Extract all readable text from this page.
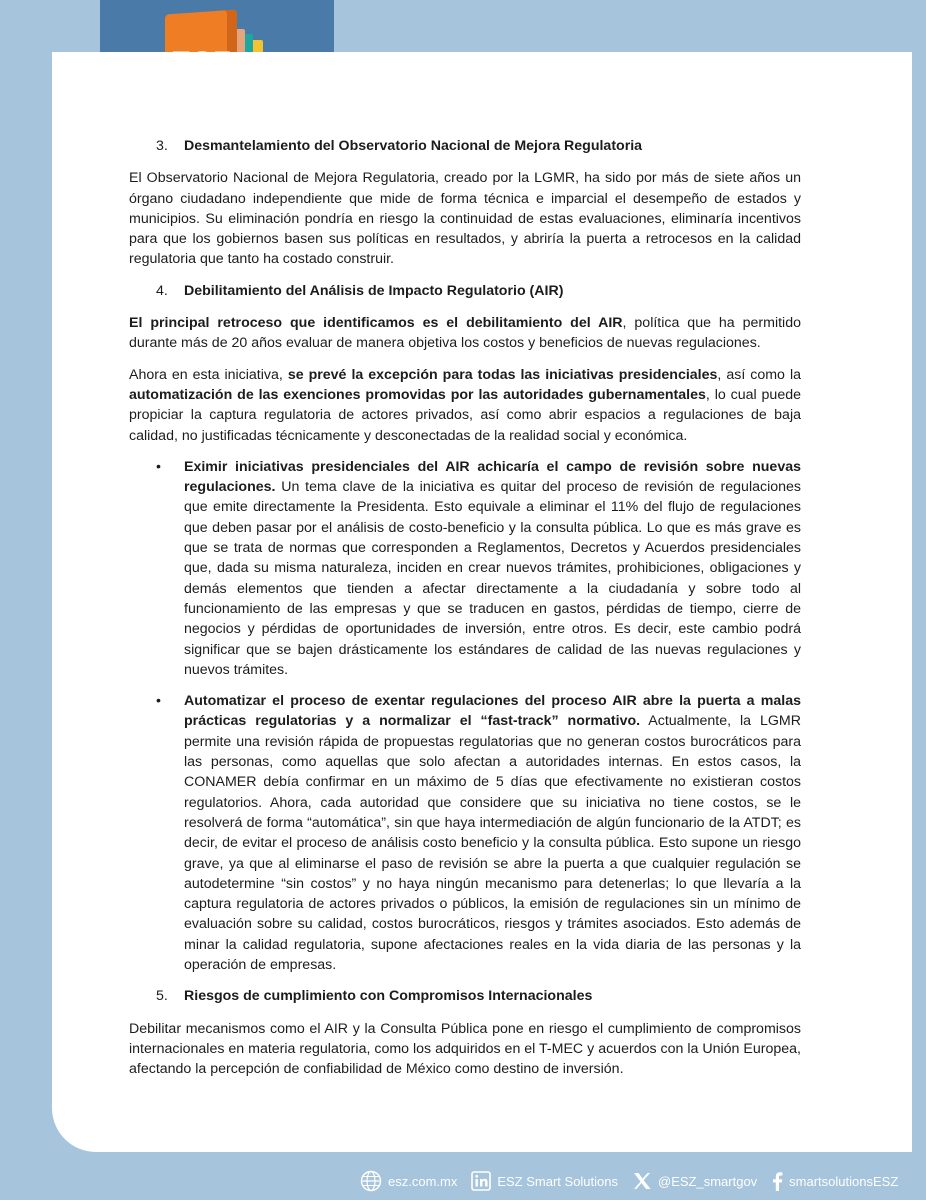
3.	Desmantelamiento del Observatorio Nacional de Mejora Regulatoria

El Observatorio Nacional de Mejora Regulatoria, creado por la LGMR, ha sido por más de siete años un órgano ciudadano independiente que mide de forma técnica e imparcial el desempeño de estados y municipios. Su eliminación pondría en riesgo la continuidad de estas evaluaciones, eliminaría incentivos para que los gobiernos basen sus políticas en resultados, y abriría la puerta a retrocesos en la calidad regulatoria que tanto ha costado construir.

4.	Debilitamiento del Análisis de Impacto Regulatorio (AIR)

El principal retroceso que identificamos es el debilitamiento del AIR, política que ha permitido durante más de 20 años evaluar de manera objetiva los costos y beneficios de nuevas regulaciones.

Ahora en esta iniciativa, se prevé la excepción para todas las iniciativas presidenciales, así como la automatización de las exenciones promovidas por las autoridades gubernamentales, lo cual puede propiciar la captura regulatoria de actores privados, así como abrir espacios a regulaciones de baja calidad, no justificadas técnicamente y desconectadas de la realidad social y económica.

•	Eximir iniciativas presidenciales del AIR achicaría el campo de revisión sobre nuevas regulaciones. Un tema clave de la iniciativa es quitar del proceso de revisión de regulaciones que emite directamente la Presidenta. Esto equivale a eliminar el 11% del flujo de regulaciones que deben pasar por el análisis de costo-beneficio y la consulta pública. Lo que es más grave es que se trata de normas que corresponden a Reglamentos, Decretos y Acuerdos presidenciales que, dada su misma naturaleza, inciden en crear nuevos trámites, prohibiciones, obligaciones y demás elementos que tienden a afectar directamente a la ciudadanía y sobre todo al funcionamiento de las empresas y que se traducen en gastos, pérdidas de tiempo, cierre de negocios y pérdidas de oportunidades de inversión, entre otros. Es decir, este cambio podrá significar que se bajen drásticamente los estándares de calidad de las nuevas regulaciones y nuevos trámites.

•	Automatizar el proceso de exentar regulaciones del proceso AIR abre la puerta a malas prácticas regulatorias y a normalizar el “fast-track” normativo. Actualmente, la LGMR permite una revisión rápida de propuestas regulatorias que no generan costos burocráticos para las personas, como aquellas que solo afectan a autoridades internas. En estos casos, la CONAMER debía confirmar en un máximo de 5 días que efectivamente no existieran costos regulatorios. Ahora, cada autoridad que considere que su iniciativa no tiene costos, se le resolverá de forma “automática”, sin que haya intermediación de algún funcionario de la ATDT; es decir, de evitar el proceso de análisis costo beneficio y la consulta pública. Esto supone un riesgo grave, ya que al eliminarse el paso de revisión se abre la puerta a que cualquier regulación se autodetermine “sin costos” y no haya ningún mecanismo para detenerlas; lo que llevaría a la captura regulatoria de actores privados o públicos, la emisión de regulaciones sin un mínimo de evaluación sobre su calidad, costos burocráticos, riesgos y trámites asociados. Esto además de minar la calidad regulatoria, supone afectaciones reales en la vida diaria de las personas y la operación de empresas.

5.	Riesgos de cumplimiento con Compromisos Internacionales

Debilitar mecanismos como el AIR y la Consulta Pública pone en riesgo el cumplimiento de compromisos internacionales en materia regulatoria, como los adquiridos en el T-MEC y acuerdos con la Unión Europea, afectando la percepción de confiabilidad de México como destino de inversión.

esz.com.mx	ESZ Smart Solutions	@ESZ_smartgov smartsolutionsESZ
